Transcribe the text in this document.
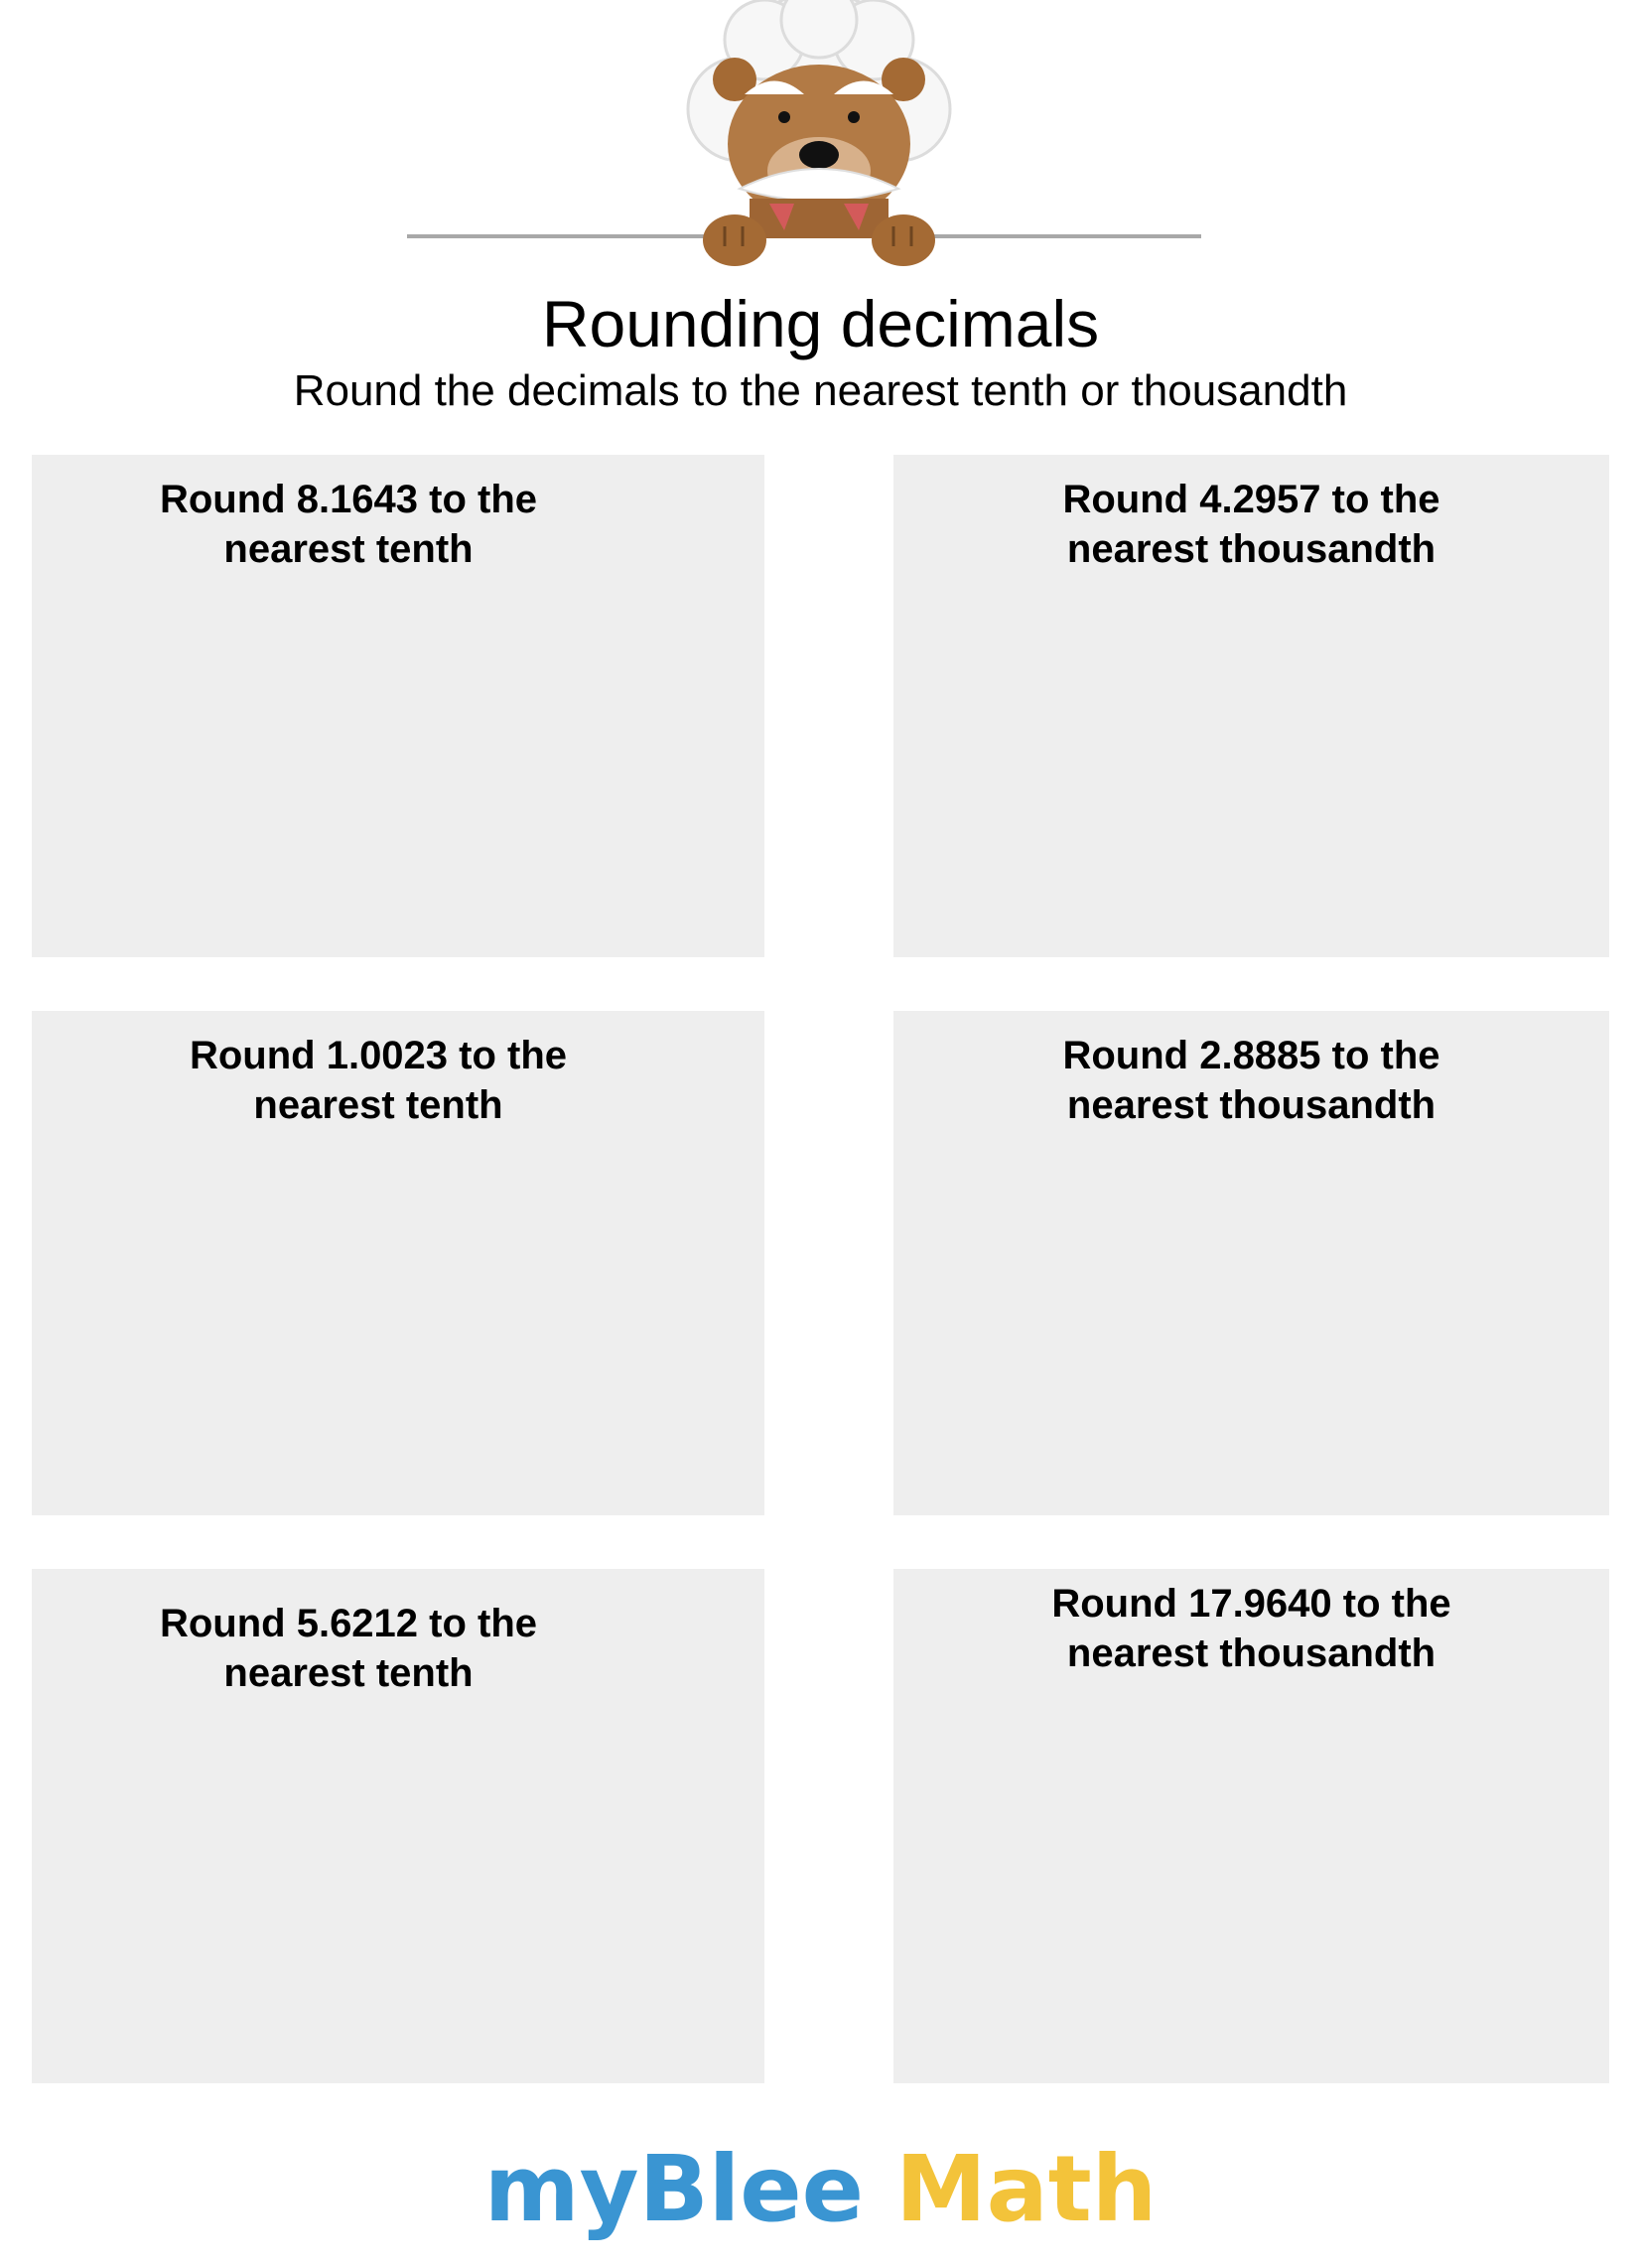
Rounding decimals
Round the decimals to the nearest tenth or thousandth
Round 8.1643 to the
nearest tenth
Round 4.2957 to the
nearest thousandth
Round 1.0023 to the
nearest tenth
Round 2.8885 to the
nearest thousandth
Round 5.6212 to the
nearest tenth
Round 17.9640 to the
nearest thousandth
myBlee Math
